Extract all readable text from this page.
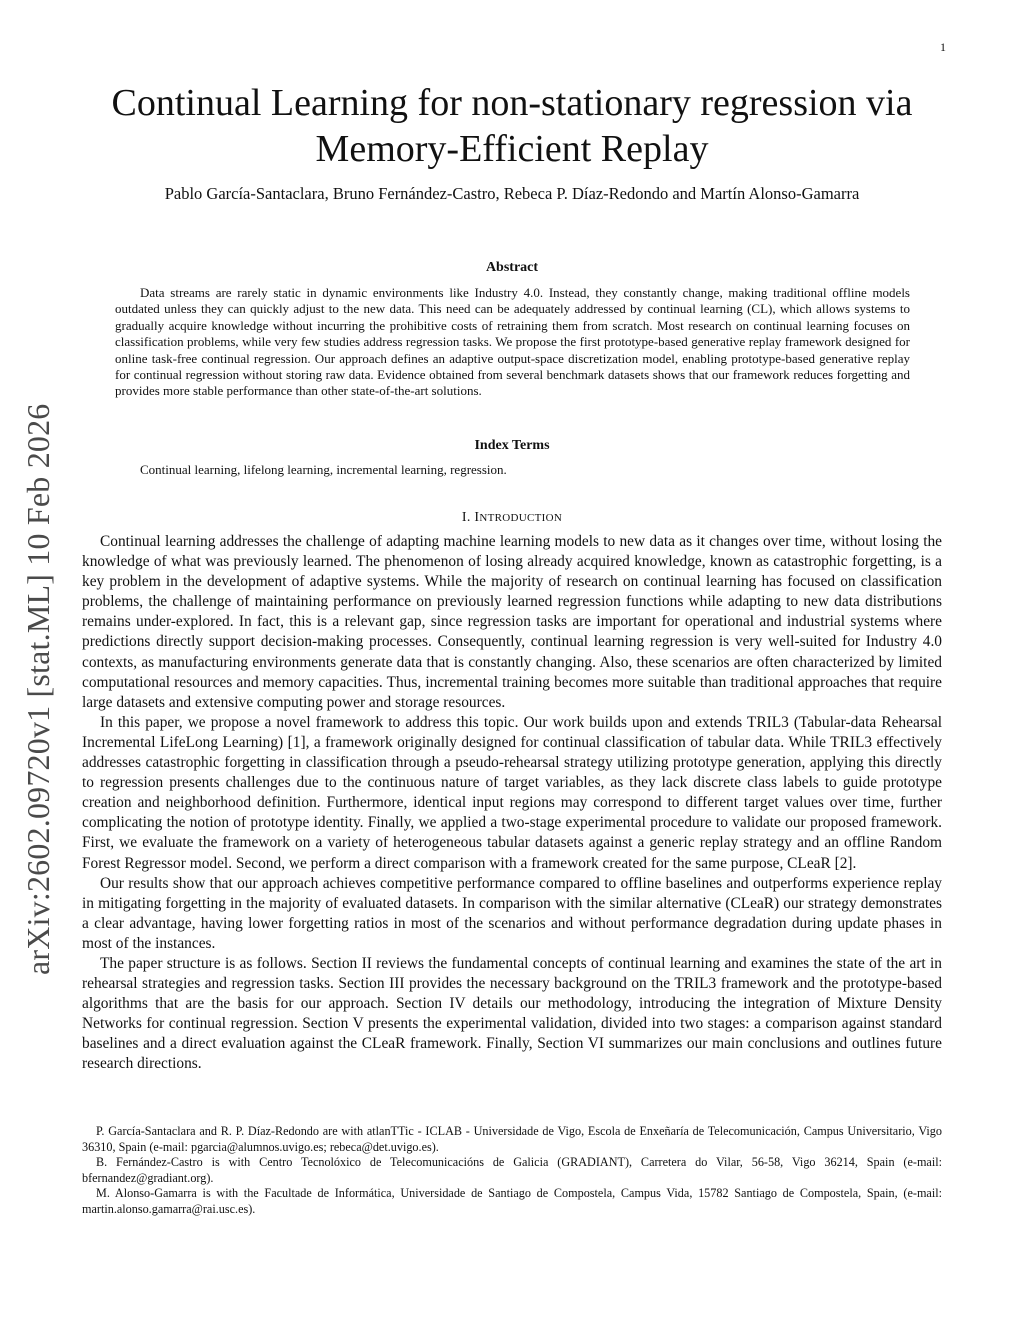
1
arXiv:2602.09720v1 [stat.ML] 10 Feb 2026
Continual Learning for non-stationary regression via Memory-Efficient Replay
Pablo García-Santaclara, Bruno Fernández-Castro, Rebeca P. Díaz-Redondo and Martín Alonso-Gamarra
Abstract

Data streams are rarely static in dynamic environments like Industry 4.0. Instead, they constantly change, making traditional offline models outdated unless they can quickly adjust to the new data. This need can be adequately addressed by continual learning (CL), which allows systems to gradually acquire knowledge without incurring the prohibitive costs of retraining them from scratch. Most research on continual learning focuses on classification problems, while very few studies address regression tasks. We propose the first prototype-based generative replay framework designed for online task-free continual regression. Our approach defines an adaptive output-space discretization model, enabling prototype-based generative replay for continual regression without storing raw data. Evidence obtained from several benchmark datasets shows that our framework reduces forgetting and provides more stable performance than other state-of-the-art solutions.

Index Terms

Continual learning, lifelong learning, incremental learning, regression.

I. INTRODUCTION

Continual learning addresses the challenge of adapting machine learning models to new data as it changes over time, without losing the knowledge of what was previously learned. The phenomenon of losing already acquired knowledge, known as catastrophic forgetting, is a key problem in the development of adaptive systems. While the majority of research on continual learning has focused on classification problems, the challenge of maintaining performance on previously learned regression functions while adapting to new data distributions remains under-explored. In fact, this is a relevant gap, since regression tasks are important for operational and industrial systems where predictions directly support decision-making processes. Consequently, continual learning regression is very well-suited for Industry 4.0 contexts, as manufacturing environments generate data that is constantly changing. Also, these scenarios are often characterized by limited computational resources and memory capacities. Thus, incremental training becomes more suitable than traditional approaches that require large datasets and extensive computing power and storage resources.

In this paper, we propose a novel framework to address this topic. Our work builds upon and extends TRIL3 (Tabular-data Rehearsal Incremental LifeLong Learning) [1], a framework originally designed for continual classification of tabular data. While TRIL3 effectively addresses catastrophic forgetting in classification through a pseudo-rehearsal strategy utilizing prototype generation, applying this directly to regression presents challenges due to the continuous nature of target variables, as they lack discrete class labels to guide prototype creation and neighborhood definition. Furthermore, identical input regions may correspond to different target values over time, further complicating the notion of prototype identity. Finally, we applied a two-stage experimental procedure to validate our proposed framework. First, we evaluate the framework on a variety of heterogeneous tabular datasets against a generic replay strategy and an offline Random Forest Regressor model. Second, we perform a direct comparison with a framework created for the same purpose, CLeaR [2].

Our results show that our approach achieves competitive performance compared to offline baselines and outperforms experience replay in mitigating forgetting in the majority of evaluated datasets. In comparison with the similar alternative (CLeaR) our strategy demonstrates a clear advantage, having lower forgetting ratios in most of the scenarios and without performance degradation during update phases in most of the instances.

The paper structure is as follows. Section II reviews the fundamental concepts of continual learning and examines the state of the art in rehearsal strategies and regression tasks. Section III provides the necessary background on the TRIL3 framework and the prototype-based algorithms that are the basis for our approach. Section IV details our methodology, introducing the integration of Mixture Density Networks for continual regression. Section V presents the experimental validation, divided into two stages: a comparison against standard baselines and a direct evaluation against the CLeaR framework. Finally, Section VI summarizes our main conclusions and outlines future research directions.

P. García-Santaclara and R. P. Díaz-Redondo are with atlanTTic - ICLAB - Universidade de Vigo, Escola de Enxeñaría de Telecomunicación, Campus Universitario, Vigo 36310, Spain (e-mail: pgarcia@alumnos.uvigo.es; rebeca@det.uvigo.es).

B. Fernández-Castro is with Centro Tecnolóxico de Telecomunicacións de Galicia (GRADIANT), Carretera do Vilar, 56-58, Vigo 36214, Spain (e-mail: bfernandez@gradiant.org).

M. Alonso-Gamarra is with the Facultade de Informática, Universidade de Santiago de Compostela, Campus Vida, 15782 Santiago de Compostela, Spain, (e-mail: martin.alonso.gamarra@rai.usc.es).
